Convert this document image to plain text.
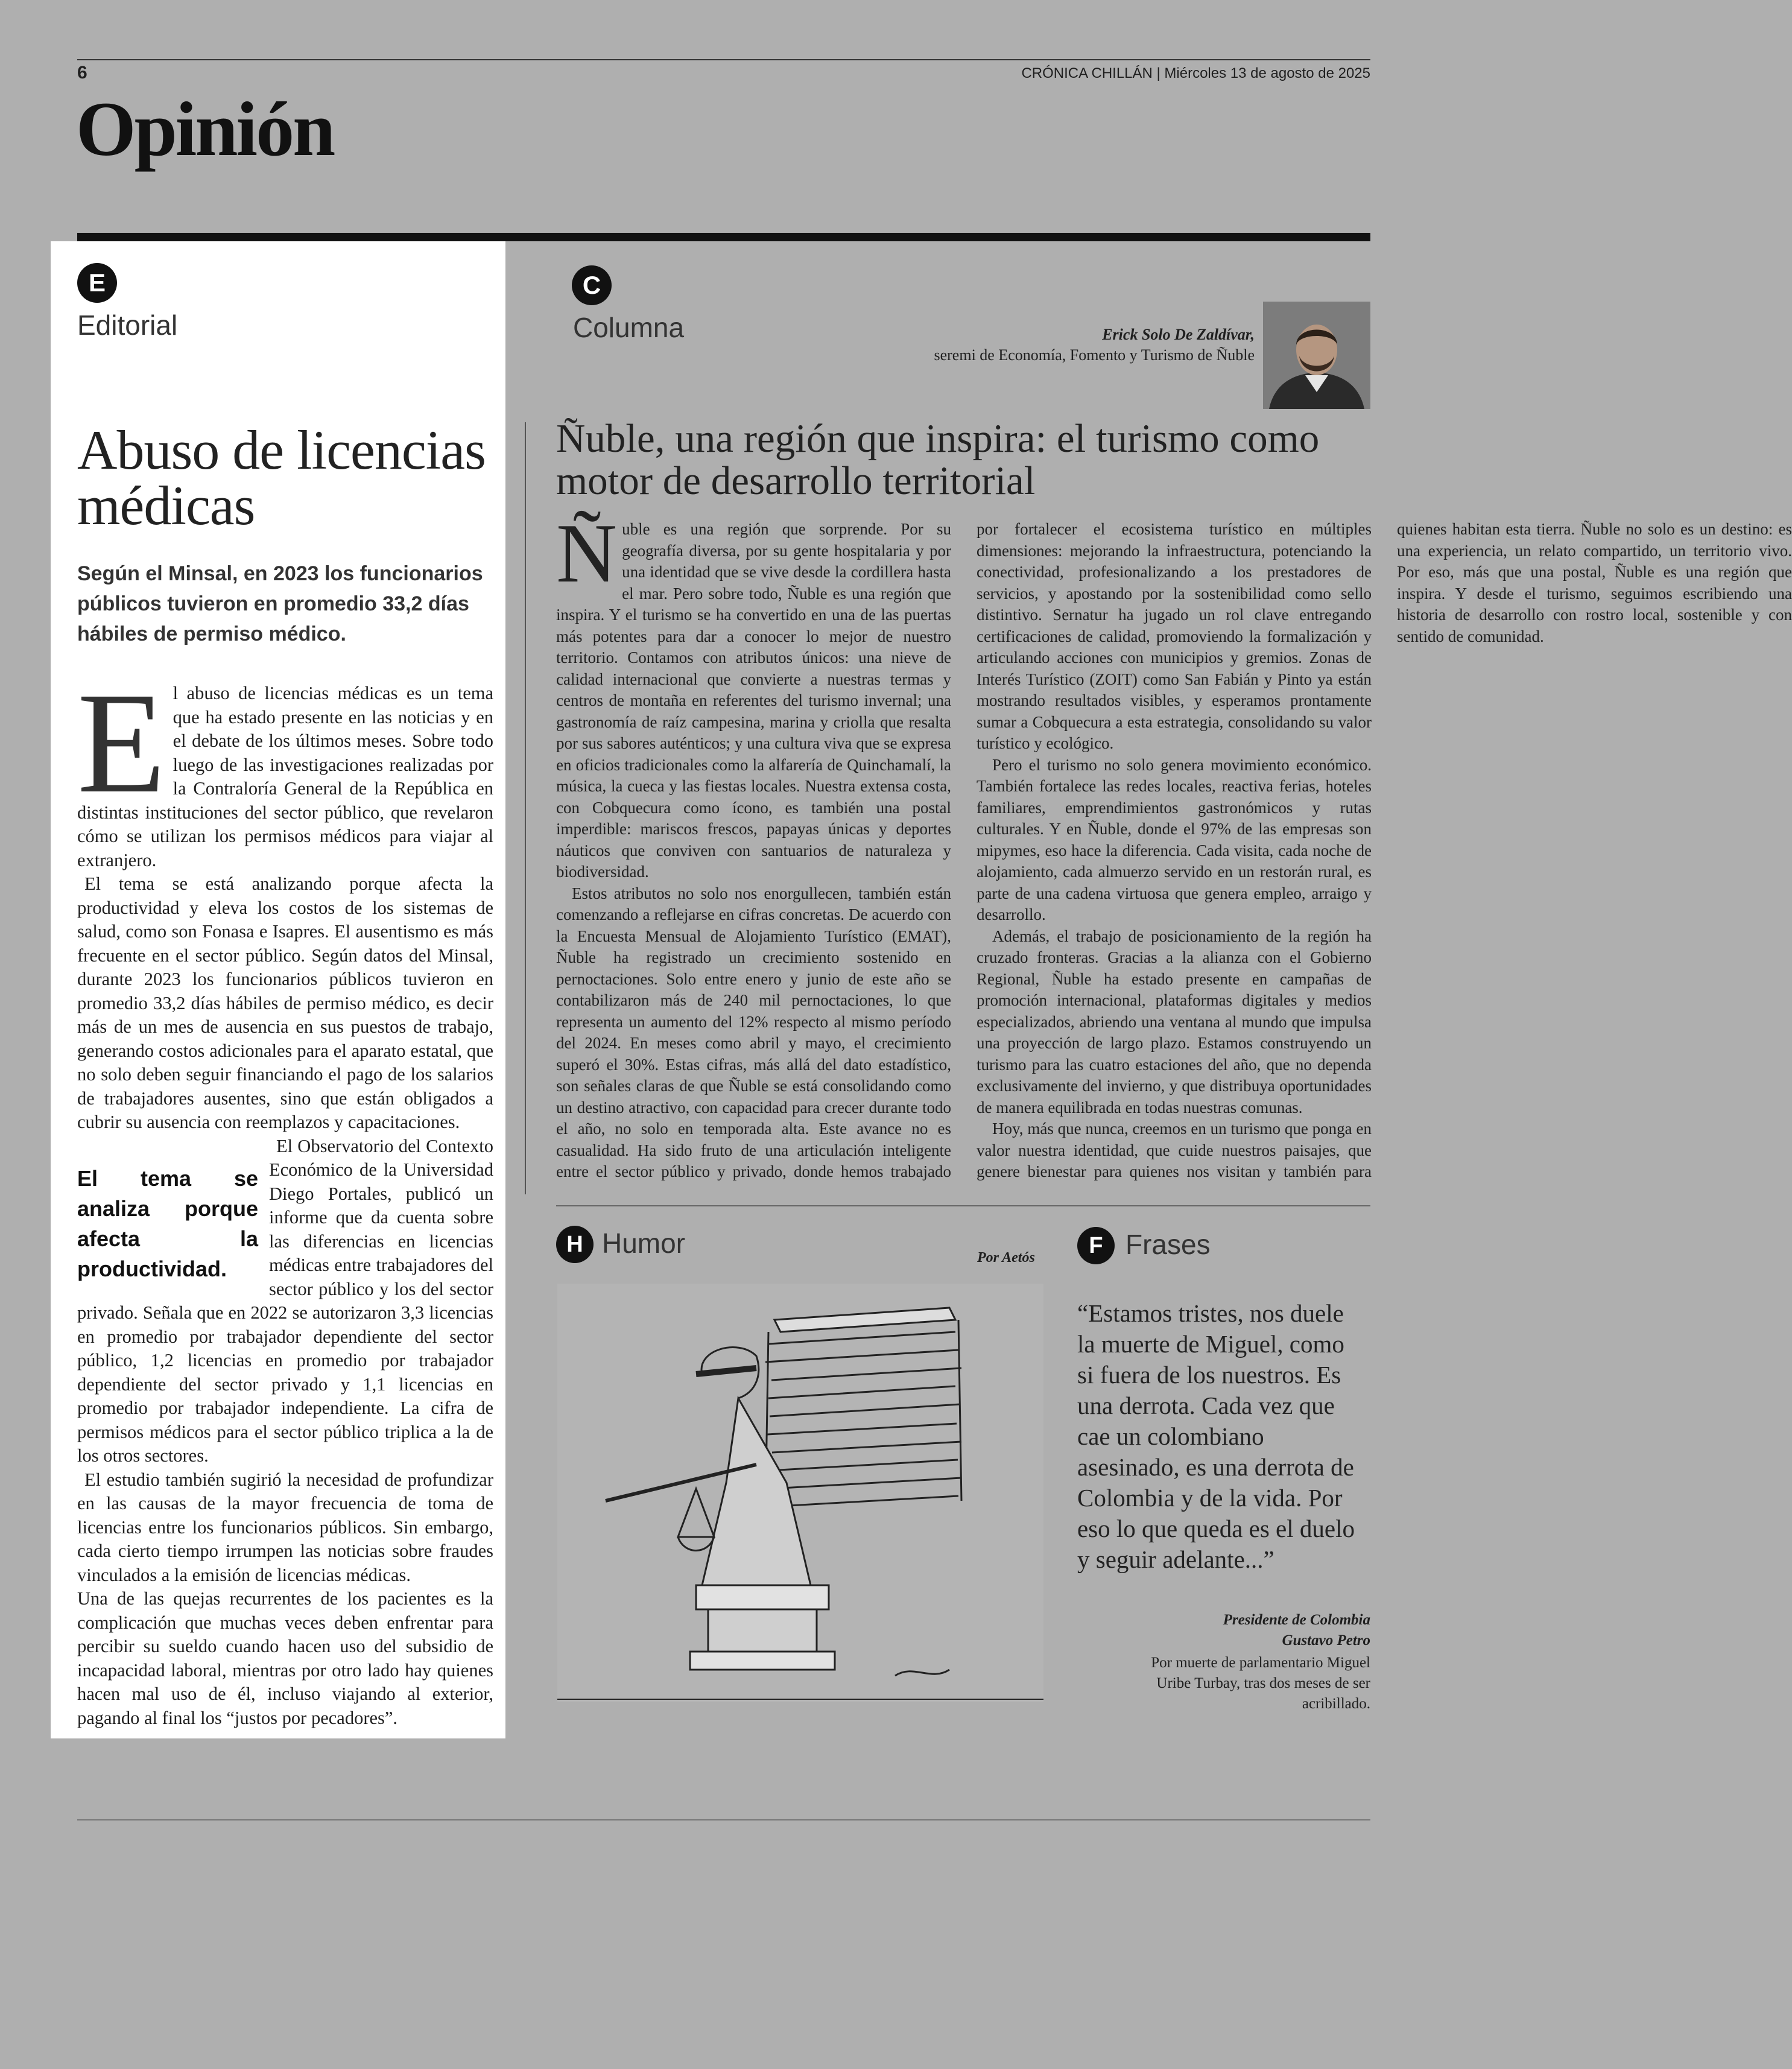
6	CRÓNICA CHILLÁN | Miércoles 13 de agosto de 2025
Opinión
E
Editorial
Abuso de licencias médicas
Según el Minsal, en 2023 los funcionarios públicos tuvieron en promedio 33,2 días hábiles de permiso médico.

El abuso de licencias médicas es un tema que ha estado presente en las noticias y en el debate de los últimos meses. Sobre todo luego de las investigaciones realizadas por la Contraloría General de la República en distintas instituciones del sector público, que revelaron cómo se utilizan los permisos médicos para viajar al extranjero.

El tema se está analizando porque afecta la productividad y eleva los costos de los sistemas de salud, como son Fonasa e Isapres. El ausentismo es más frecuente en el sector público. Según datos del Minsal, durante 2023 los funcionarios públicos tuvieron en promedio 33,2 días hábiles de permiso médico, es decir más de un mes de ausencia en sus puestos de trabajo, generando costos adicionales para el aparato estatal, que no solo deben seguir financiando el pago de los salarios de trabajadores ausentes, sino que están obligados a cubrir su ausencia con reemplazos y capacitaciones.

El tema se analiza porque afecta la productividad.
El Observatorio del Contexto Económico de la Universidad Diego Portales, publicó un informe que da cuenta sobre las diferencias en licencias médicas entre trabajadores del sector público y los del sector privado. Señala que en 2022 se autorizaron 3,3 licencias en promedio por trabajador dependiente del sector público, 1,2 licencias en promedio por trabajador dependiente del sector privado y 1,1 licencias en promedio por trabajador independiente. La cifra de permisos médicos para el sector público triplica a la de los otros sectores.

El estudio también sugirió la necesidad de profundizar en las causas de la mayor frecuencia de toma de licencias entre los funcionarios públicos. Sin embargo, cada cierto tiempo irrumpen las noticias sobre fraudes vinculados a la emisión de licencias médicas.

Una de las quejas recurrentes de los pacientes es la complicación que muchas veces deben enfrentar para percibir su sueldo cuando hacen uso del subsidio de incapacidad laboral, mientras por otro lado hay quienes hacen mal uso de él, incluso viajando al exterior, pagando al final los “justos por pecadores”.

C
Columna	Erick Solo De Zaldívar,
seremi de Economía, Fomento y Turismo de Ñuble
Ñuble, una región que inspira: el turismo como motor de desarrollo territorial

Ñuble es una región que sorprende. Por su geografía diversa, por su gente hospitalaria y por una identidad que se vive desde la cordillera hasta el mar. Pero sobre todo, Ñuble es una región que inspira. Y el turismo se ha convertido en una de las puertas más potentes para dar a conocer lo mejor de nuestro territorio. Contamos con atributos únicos: una nieve de calidad internacional que convierte a nuestras termas y centros de montaña en referentes del turismo invernal; una gastronomía de raíz campesina, marina y criolla que resalta por sus sabores auténticos; y una cultura viva que se expresa en oficios tradicionales como la alfarería de Quinchamalí, la música, la cueca y las fiestas locales. Nuestra extensa costa, con Cobquecura como ícono, es también una postal imperdible: mariscos frescos, papayas únicas y deportes náuticos que conviven con santuarios de naturaleza y biodiversidad.

Estos atributos no solo nos enorgullecen, también están comenzando a reflejarse en cifras concretas. De acuerdo con la Encuesta Mensual de Alojamiento Turístico (EMAT), Ñuble ha registrado un crecimiento sostenido en pernoctaciones. Solo entre enero y junio de este año se contabilizaron más de 240 mil pernoctaciones, lo que representa un aumento del 12% respecto al mismo período del 2024. En meses como abril y mayo, el crecimiento superó el 30%. Estas cifras, más allá del dato estadístico, son señales claras de que Ñuble se está consolidando como un destino atractivo, con capacidad para crecer durante todo el año, no solo en temporada alta. Este avance no es casualidad. Ha sido fruto de una articulación inteligente entre el sector público y privado, donde hemos trabajado por fortalecer el ecosistema turístico en múltiples dimensiones: mejorando la infraestructura, potenciando la conectividad, profesionalizando a los prestadores de servicios, y apostando por la sostenibilidad como sello distintivo. Sernatur ha jugado un rol clave entregando certificaciones de calidad, promoviendo la formalización y articulando acciones con municipios y gremios. Zonas de Interés Turístico (ZOIT) como San Fabián y Pinto ya están mostrando resultados visibles, y esperamos prontamente sumar a Cobquecura a esta estrategia, consolidando su valor turístico y ecológico.

Pero el turismo no solo genera movimiento económico. También fortalece las redes locales, reactiva ferias, hoteles familiares, emprendimientos gastronómicos y rutas culturales. Y en Ñuble, donde el 97% de las empresas son mipymes, eso hace la diferencia. Cada visita, cada noche de alojamiento, cada almuerzo servido en un restorán rural, es parte de una cadena virtuosa que genera empleo, arraigo y desarrollo.

Además, el trabajo de posicionamiento de la región ha cruzado fronteras. Gracias a la alianza con el Gobierno Regional, Ñuble ha estado presente en campañas de promoción internacional, plataformas digitales y medios especializados, abriendo una ventana al mundo que impulsa una proyección de largo plazo. Estamos construyendo un turismo para las cuatro estaciones del año, que no dependa exclusivamente del invierno, y que distribuya oportunidades de manera equilibrada en todas nuestras comunas.

Hoy, más que nunca, creemos en un turismo que ponga en valor nuestra identidad, que cuide nuestros paisajes, que genere bienestar para quienes nos visitan y también para quienes habitan esta tierra. Ñuble no solo es un destino: es una experiencia, un relato compartido, un territorio vivo. Por eso, más que una postal, Ñuble es una región que inspira. Y desde el turismo, seguimos escribiendo una historia de desarrollo con rostro local, sostenible y con sentido de comunidad.

H Humor	Por Aetós	F Frases
“Estamos tristes, nos duele la muerte de Miguel, como si fuera de los nuestros. Es una derrota. Cada vez que cae un colombiano asesinado, es una derrota de Colombia y de la vida. Por eso lo que queda es el duelo y seguir adelante...”
Presidente de Colombia
Gustavo Petro
Por muerte de parlamentario Miguel Uribe Turbay, tras dos meses de ser acribillado.
